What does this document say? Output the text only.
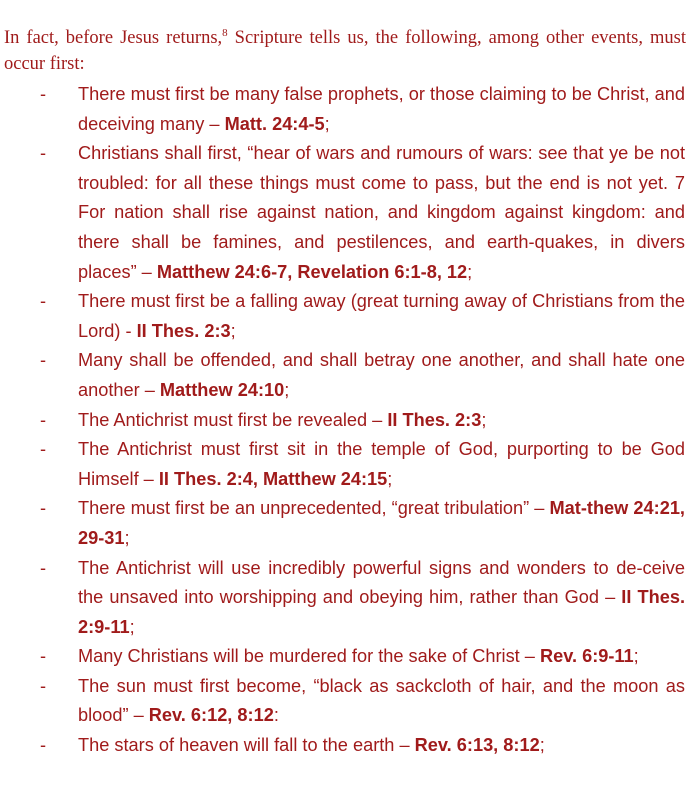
In fact, before Jesus returns,$^8$ Scripture tells us, the following, among other events, must occur first:

- There must first be many false prophets, or those claiming to be Christ, and deceiving many – Matt. 24:4-5;
- Christians shall first, “hear of wars and rumours of wars: see that ye be not troubled: for all these things must come to pass, but the end is not yet. 7 For nation shall rise against nation, and kingdom against kingdom: and there shall be famines, and pestilences, and earth-quakes, in divers places” – Matthew 24:6-7, Revelation 6:1-8, 12;
- There must first be a falling away (great turning away of Christians from the Lord) - II Thes. 2:3;
- Many shall be offended, and shall betray one another, and shall hate one another – Matthew 24:10;
- The Antichrist must first be revealed – II Thes. 2:3;
- The Antichrist must first sit in the temple of God, purporting to be God Himself – II Thes. 2:4, Matthew 24:15;
- There must first be an unprecedented, “great tribulation” – Mat-thew 24:21, 29-31;
- The Antichrist will use incredibly powerful signs and wonders to de-ceive the unsaved into worshipping and obeying him, rather than God – II Thes. 2:9-11;
- Many Christians will be murdered for the sake of Christ – Rev. 6:9-11;
- The sun must first become, “black as sackcloth of hair, and the moon as blood” – Rev. 6:12, 8:12:
- The stars of heaven will fall to the earth – Rev. 6:13, 8:12;
